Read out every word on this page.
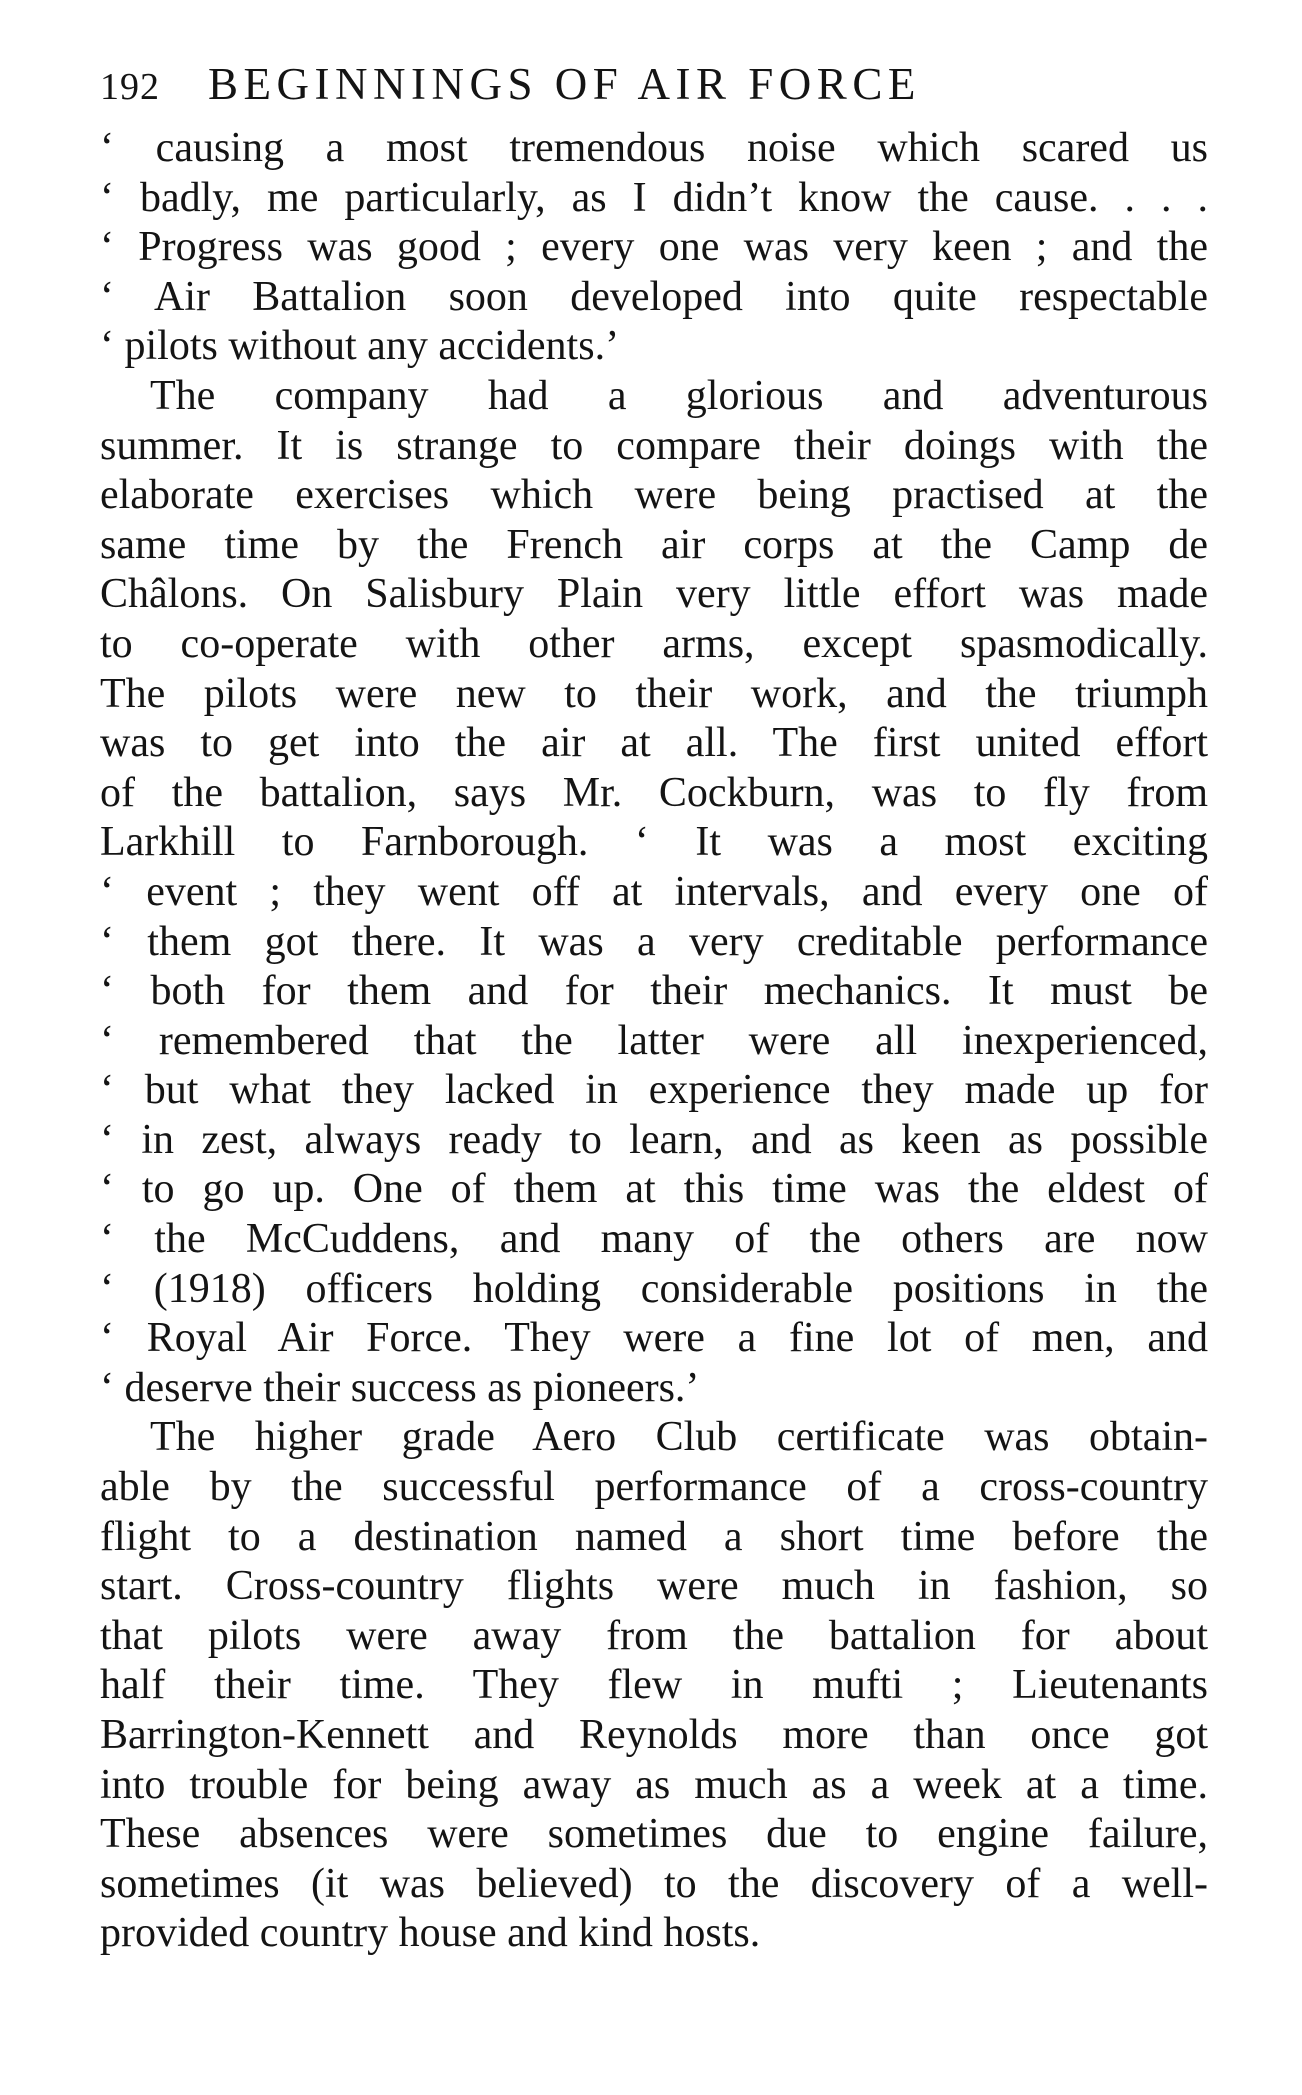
192	BEGINNINGS OF AIR FORCE
‘ causing a most tremendous noise which scared us
‘ badly, me particularly, as I didn’t know the cause. . . .
‘ Progress was good ; every one was very keen ; and the
‘ Air Battalion soon developed into quite respectable
‘ pilots without any accidents.’
The company had a glorious and adventurous
summer. It is strange to compare their doings with the
elaborate exercises which were being practised at the
same time by the French air corps at the Camp de
Châlons. On Salisbury Plain very little effort was made
to co-operate with other arms, except spasmodically.
The pilots were new to their work, and the triumph
was to get into the air at all. The first united effort
of the battalion, says Mr. Cockburn, was to fly from
Larkhill to Farnborough. ‘ It was a most exciting
‘ event ; they went off at intervals, and every one of
‘ them got there. It was a very creditable performance
‘ both for them and for their mechanics. It must be
‘ remembered that the latter were all inexperienced,
‘ but what they lacked in experience they made up for
‘ in zest, always ready to learn, and as keen as possible
‘ to go up. One of them at this time was the eldest of
‘ the McCuddens, and many of the others are now
‘ (1918) officers holding considerable positions in the
‘ Royal Air Force. They were a fine lot of men, and
‘ deserve their success as pioneers.’
The higher grade Aero Club certificate was obtain-
able by the successful performance of a cross-country
flight to a destination named a short time before the
start. Cross-country flights were much in fashion, so
that pilots were away from the battalion for about
half their time. They flew in mufti ; Lieutenants
Barrington-Kennett and Reynolds more than once got
into trouble for being away as much as a week at a time.
These absences were sometimes due to engine failure,
sometimes (it was believed) to the discovery of a well-
provided country house and kind hosts.
